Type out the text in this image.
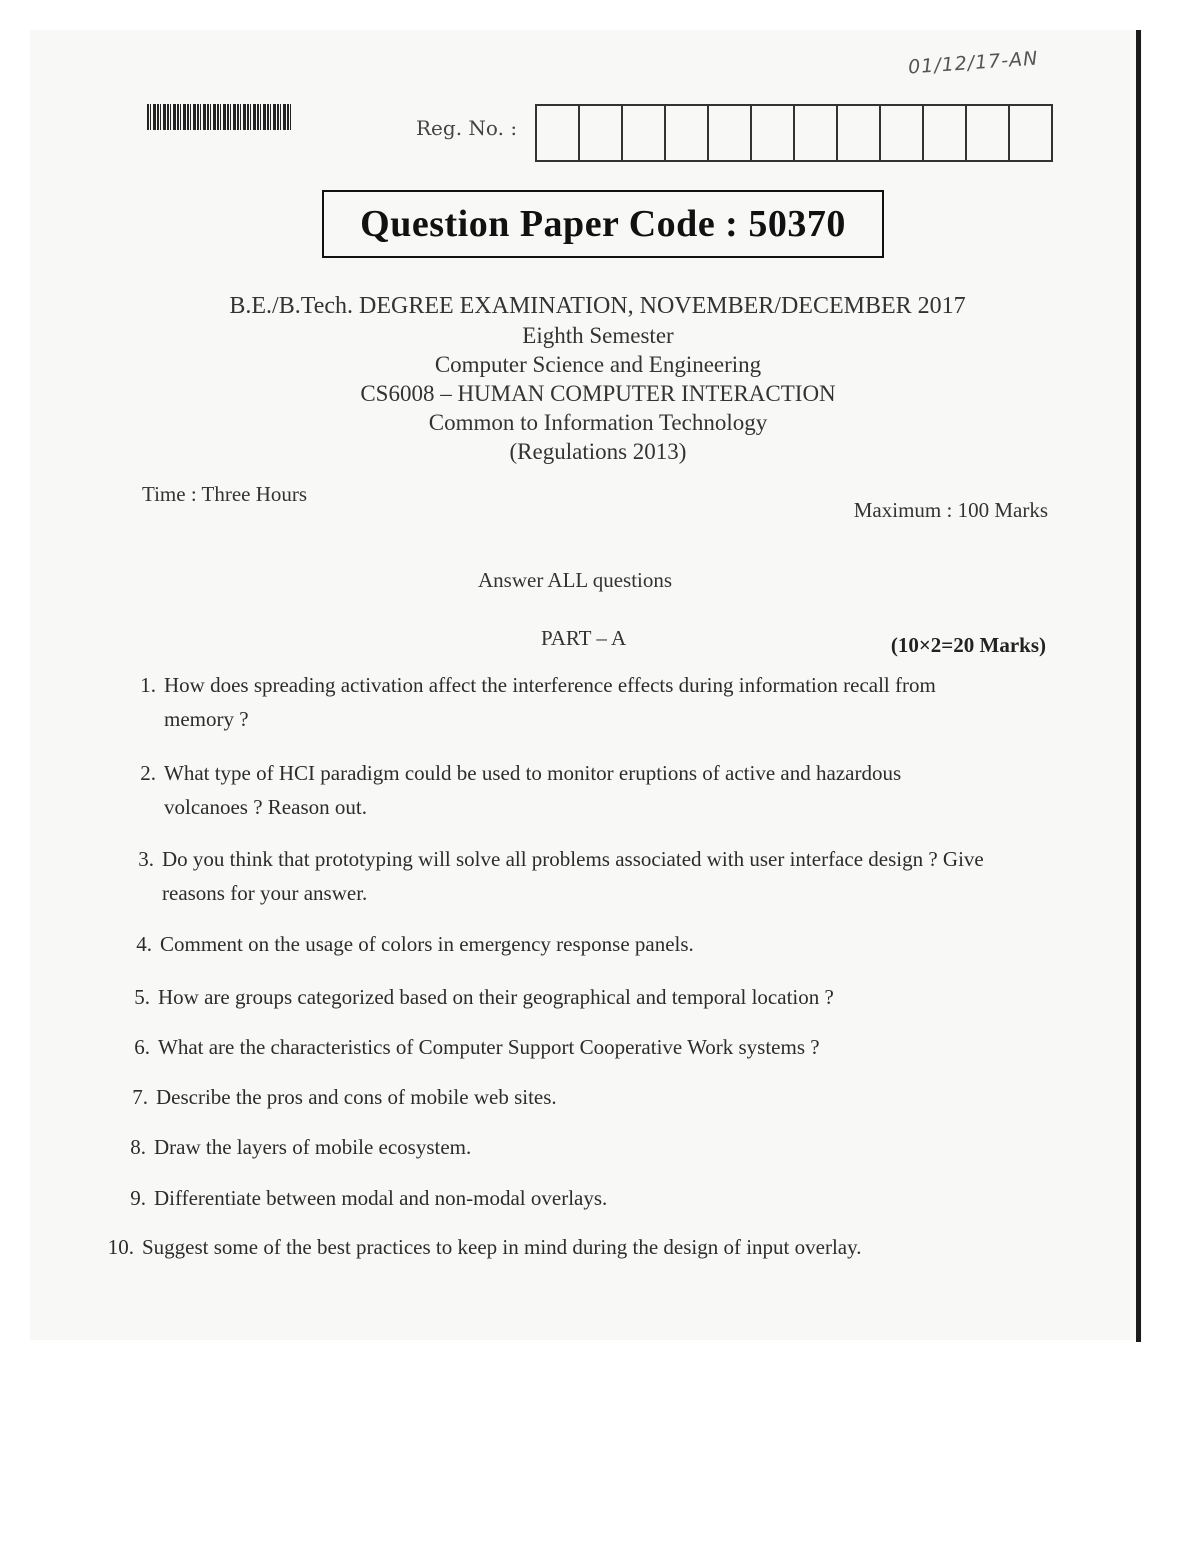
01/12/17-AN
Reg. No. :
Question Paper Code : 50370
B.E./B.Tech. DEGREE EXAMINATION, NOVEMBER/DECEMBER 2017
Eighth Semester
Computer Science and Engineering
CS6008 – HUMAN COMPUTER INTERACTION
Common to Information Technology
(Regulations 2013)
Time : Three Hours
Maximum : 100 Marks
Answer ALL questions
PART – A	(10×2=20 Marks)
1. How does spreading activation affect the interference effects during information recall from memory ?
2. What type of HCI paradigm could be used to monitor eruptions of active and hazardous volcanoes ? Reason out.
3. Do you think that prototyping will solve all problems associated with user interface design ? Give reasons for your answer.
4. Comment on the usage of colors in emergency response panels.
5. How are groups categorized based on their geographical and temporal location ?
6. What are the characteristics of Computer Support Cooperative Work systems ?
7. Describe the pros and cons of mobile web sites.
8. Draw the layers of mobile ecosystem.
9. Differentiate between modal and non-modal overlays.
10. Suggest some of the best practices to keep in mind during the design of input overlay.
